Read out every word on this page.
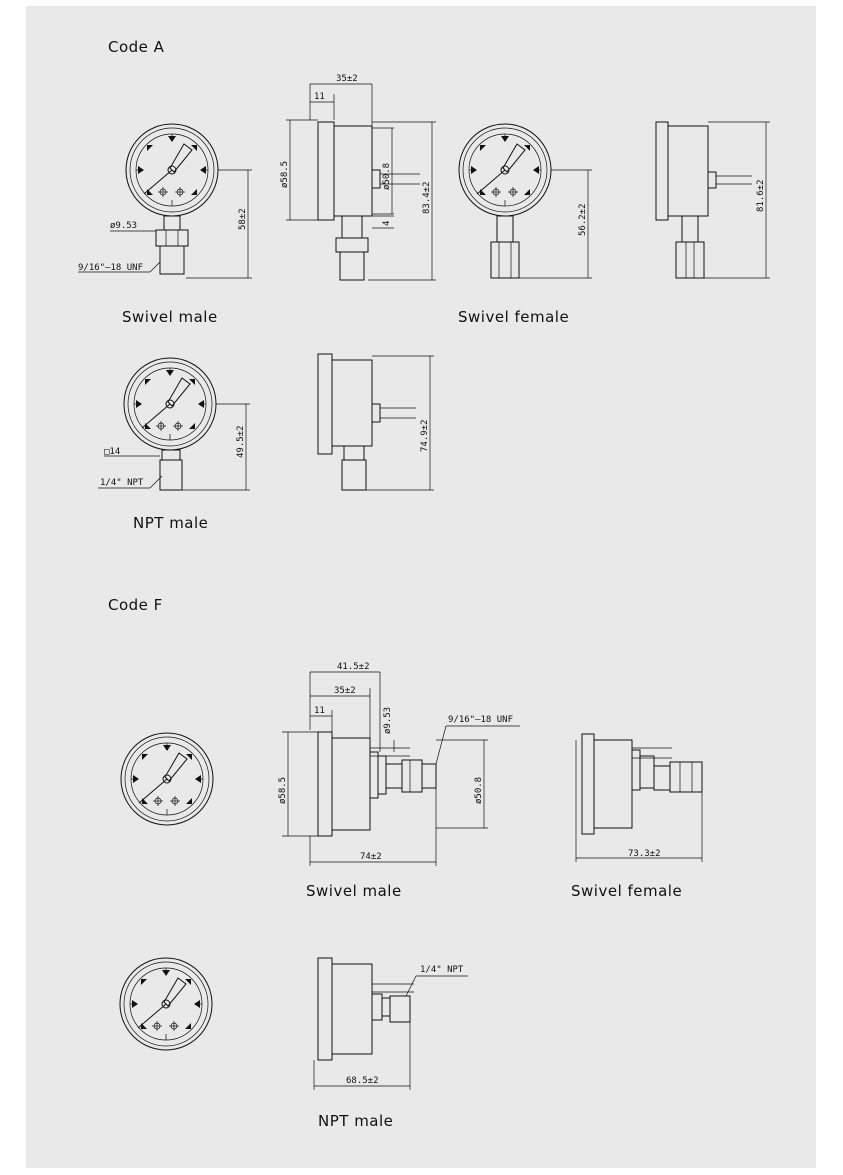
Code A
ø9.53
9/16"–18 UNF
58±2
35±2
11
ø58.5	ø50.8
4
83.4±2
56.2±2
81.6±2
Swivel male	Swivel female
□14
1/4" NPT
49.5±2	74.9±2
NPT male
Code F
41.5±2
35±2
11	ø9.53	9/16"–18 UNF
ø58.5	ø50.8
74±2	73.3±2
Swivel male	Swivel female
1/4" NPT
68.5±2
NPT male
